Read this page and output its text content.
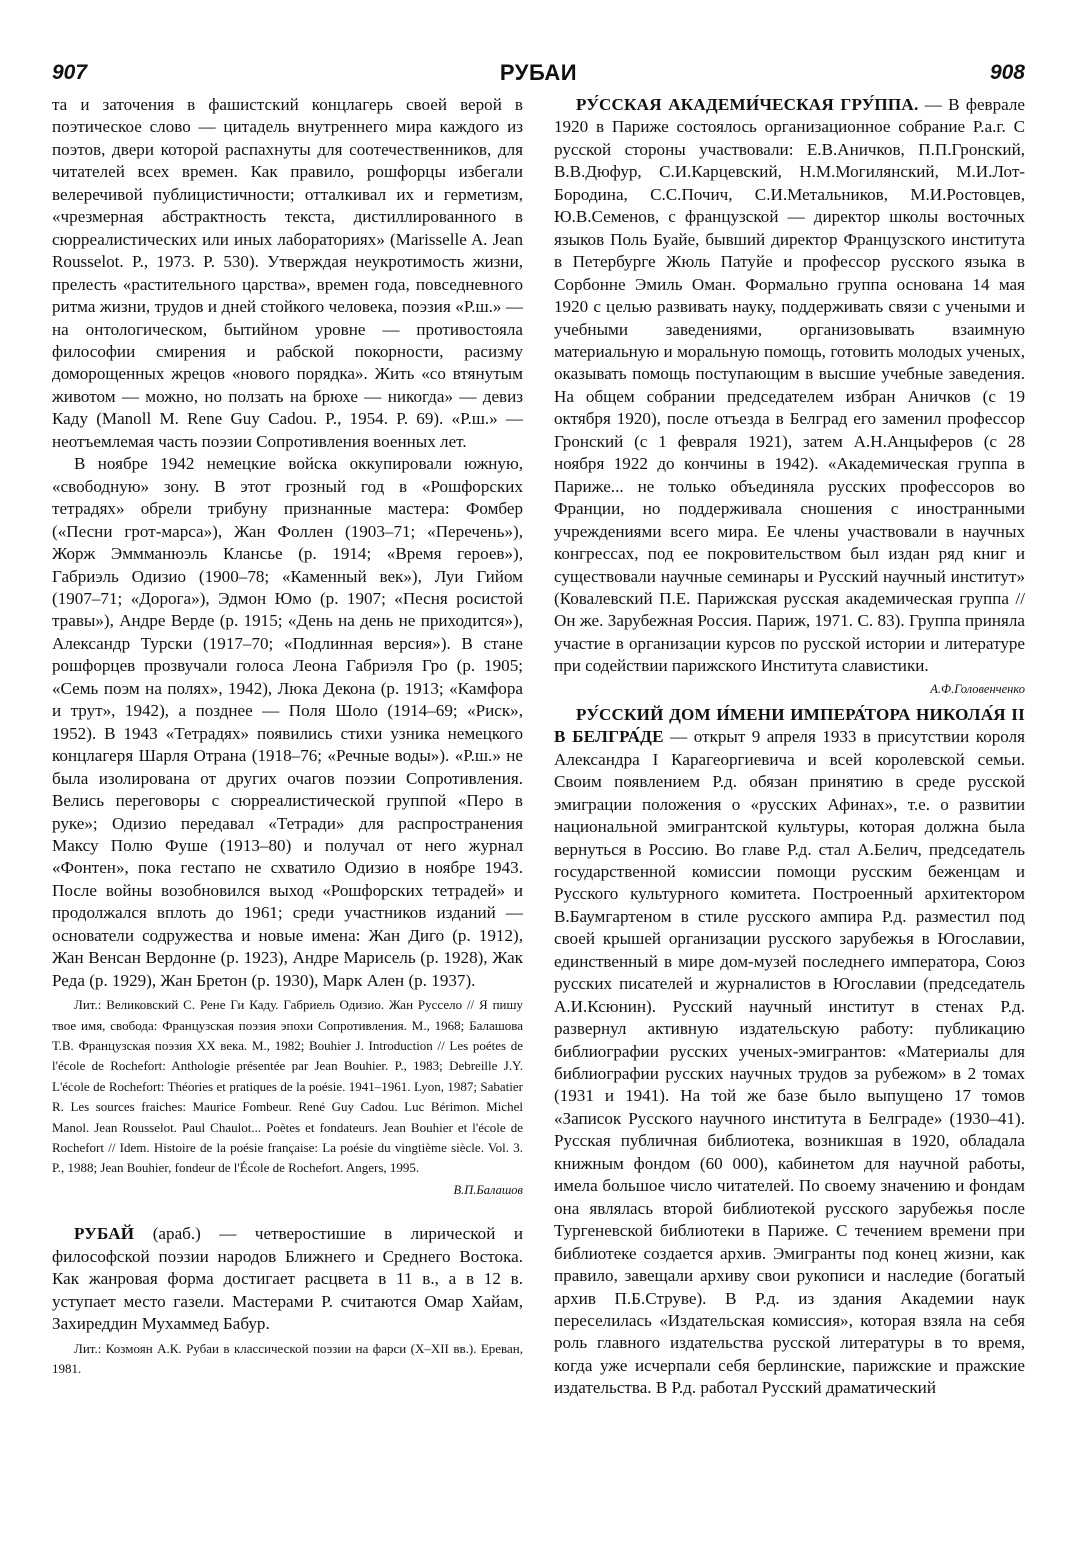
907	РУБАИ	908

та и заточения в фашистский концлагерь своей верой в поэтическое слово — цитадель внутреннего мира каждого из поэтов, двери которой распахнуты для соотечественников, для читателей всех времен. Как правило, рошфорцы избегали велеречивой публицистичности; отталкивал их и герметизм, «чрезмерная абстрактность текста, дистиллированного в сюрреалистических или иных лабораториях» (Marisselle A. Jean Rousselot. P., 1973. P. 530). Утверждая неукротимость жизни, прелесть «растительного царства», времен года, повседневного ритма жизни, трудов и дней стойкого человека, поэзия «Р.ш.» — на онтологическом, бытийном уровне — противостояла философии смирения и рабской покорности, расизму доморощенных жрецов «нового порядка». Жить «со втянутым животом — можно, но ползать на брюхе — никогда» — девиз Каду (Manoll M. Rene Guy Cadou. P., 1954. P. 69). «Р.ш.» — неотъемлемая часть поэзии Сопротивления военных лет.

В ноябре 1942 немецкие войска оккупировали южную, «свободную» зону. В этот грозный год в «Рошфорских тетрадях» обрели трибуну признанные мастера: Фомбер («Песни грот-марса»), Жан Фоллен (1903–71; «Перечень»), Жорж Эммманюэль Клансье (р. 1914; «Время героев»), Габриэль Одизио (1900–78; «Каменный век»), Луи Гийом (1907–71; «Дорога»), Эдмон Юмо (р. 1907; «Песня росистой травы»), Андре Верде (р. 1915; «День на день не приходится»), Александр Турски (1917–70; «Подлинная версия»). В стане рошфорцев прозвучали голоса Леона Габриэля Гро (р. 1905; «Семь поэм на полях», 1942), Люка Декона (р. 1913; «Камфора и трут», 1942), а позднее — Поля Шоло (1914–69; «Риск», 1952). В 1943 «Тетрадях» появились стихи узника немецкого концлагеря Шарля Отрана (1918–76; «Речные воды»). «Р.ш.» не была изолирована от других очагов поэзии Сопротивления. Велись переговоры с сюрреалистической группой «Перо в руке»; Одизио передавал «Тетради» для распространения Максу Полю Фуше (1913–80) и получал от него журнал «Фонтен», пока гестапо не схватило Одизио в ноябре 1943. После войны возобновился выход «Рошфорских тетрадей» и продолжался вплоть до 1961; среди участников изданий — основатели содружества и новые имена: Жан Диго (р. 1912), Жан Венсан Вердонне (р. 1923), Андре Марисель (р. 1928), Жак Реда (р. 1929), Жан Бретон (р. 1930), Марк Ален (р. 1937).

Лит.: Великовский С. Рене Ги Каду. Габриель Одизио. Жан Русселo // Я пишу твое имя, свобода: Французская поэзия эпохи Сопротивления. М., 1968; Балашова Т.В. Французская поэзия XX века. М., 1982; Bouhier J. Introduction // Les poétes de l'école de Rochefort: Anthologie présentée par Jean Bouhier. P., 1983; Debreille J.Y. L'école de Rochefort: Théories et pratiques de la poésie. 1941–1961. Lyon, 1987; Sabatier R. Les sources fraiches: Maurice Fombeur. René Guy Cadou. Luc Bérimon. Michel Manol. Jean Rousselot. Paul Chaulot... Poètes et fondateurs. Jean Bouhier et l'école de Rochefort // Idem. Histoire de la poésie française: La poésie du vingtième siècle. Vol. 3. P., 1988; Jean Bouhier, fondeur de l'École de Rochefort. Angers, 1995.

В.П.Балашов

РУБАЙ (араб.) — четверостишие в лирической и философской поэзии народов Ближнего и Среднего Востока. Как жанровая форма достигает расцвета в 11 в., а в 12 в. уступает место газели. Мастерами Р. считаются Омар Хайам, Захиреддин Мухаммед Бабур.

Лит.: Козмоян А.К. Рубаи в классической поэзии на фарси (X–XII вв.). Ереван, 1981.

РУ́ССКАЯ АКАДЕМИ́ЧЕСКАЯ ГРУ́ППА. — В феврале 1920 в Париже состоялось организационное собрание Р.а.г. С русской стороны участвовали: Е.В.Аничков, П.П.Гронский, В.В.Дюфур, С.И.Карцевский, Н.М.Могилянский, М.И.Лот-Бородина, С.С.Почич, С.И.Метальников, М.И.Ростовцев, Ю.В.Семенов, с французской — директор школы восточных языков Поль Буайе, бывший директор Французского института в Петербурге Жюль Патуйе и профессор русского языка в Сорбонне Эмиль Оман. Формально группа основана 14 мая 1920 с целью развивать науку, поддерживать связи с учеными и учебными заведениями, организовывать взаимную материальную и моральную помощь, готовить молодых ученых, оказывать помощь поступающим в высшие учебные заведения. На общем собрании председателем избран Аничков (с 19 октября 1920), после отъезда в Белград его заменил профессор Гронский (с 1 февраля 1921), затем А.Н.Анцыферов (с 28 ноября 1922 до кончины в 1942). «Академическая группа в Париже... не только объединяла русских профессоров во Франции, но поддерживала сношения с иностранными учреждениями всего мира. Ее члены участвовали в научных конгрессах, под ее покровительством был издан ряд книг и существовали научные семинары и Русский научный институт» (Ковалевский П.Е. Парижская русская академическая группа // Он же. Зарубежная Россия. Париж, 1971. С. 83). Группа приняла участие в организации курсов по русской истории и литературе при содействии парижского Института славистики.
А.Ф.Головенченко

РУ́ССКИЙ ДОМ И́МЕНИ ИМПЕРА́ТОРА НИКОЛА́Я II В БЕЛГРА́ДЕ — открыт 9 апреля 1933 в присутствии короля Александра I Карагеоргиевича и всей королевской семьи. Своим появлением Р.д. обязан принятию в среде русской эмиграции положения о «русских Афинах», т.е. о развитии национальной эмигрантской культуры, которая должна была вернуться в Россию. Во главе Р.д. стал А.Белич, председатель государственной комиссии помощи русским беженцам и Русского культурного комитета. Построенный архитектором В.Баумгартеном в стиле русского ампира Р.д. разместил под своей крышей организации русского зарубежья в Югославии, единственный в мире дом-музей последнего императора, Союз русских писателей и журналистов в Югославии (председатель А.И.Ксюнин). Русский научный институт в стенах Р.д. развернул активную издательскую работу: публикацию библиографии русских ученых-эмигрантов: «Материалы для библиографии русских научных трудов за рубежом» в 2 томах (1931 и 1941). На той же базе было выпущено 17 томов «Записок Русского научного института в Белграде» (1930–41). Русская публичная библиотека, возникшая в 1920, обладала книжным фондом (60 000), кабинетом для научной работы, имела большое число читателей. По своему значению и фондам она являлась второй библиотекой русского зарубежья после Тургеневской библиотеки в Париже. С течением времени при библиотеке создается архив. Эмигранты под конец жизни, как правило, завещали архиву свои рукописи и наследие (богатый архив П.Б.Струве). В Р.д. из здания Академии наук переселилась «Издательская комиссия», которая взяла на себя роль главного издательства русской литературы в то время, когда уже исчерпали себя берлинские, парижские и пражские издательства. В Р.д. работал Русский драматический
